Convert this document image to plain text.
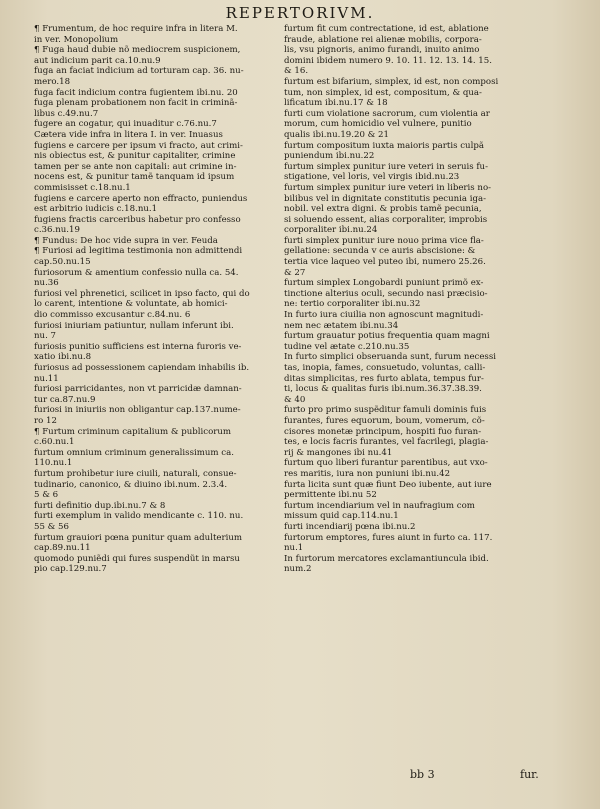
REPERTORIVM.

¶ Frumentum, de hoc require infra in litera M.
in ver. Monopolium

¶ Fuga haud dubie nõ mediocrem suspicionem,
aut indicium parit ca.10.nu.9

fuga an faciat indicium ad torturam cap. 36. nu-
mero.18

fuga facit indicium contra fugientem ibi.nu. 20

fuga plenam probationem non facit in criminã-
libus c.49.nu.7

fugere an cogatur, qui inuaditur c.76.nu.7

Cætera vide infra in litera I. in ver. Inuasus

fugiens e carcere per ipsum vi fracto, aut crimi-
nis obiectus est, & punitur capitaliter, crimine
tamen per se ante non capitali: aut crimine in-
nocens est, & punitur tamẽ tanquam id ipsum
commisisset c.18.nu.1

fugiens e carcere aperto non effracto, puniendus
est arbitrio iudicis c.18.nu.1

fugiens fractis carceribus habetur pro confesso
c.36.nu.19

¶ Fundus: De hoc vide supra in ver. Feuda

¶ Furiosi ad legitima testimonia non admittendi
cap.50.nu.15

furiosorum & amentium confessio nulla ca. 54.
nu.36

furiosi vel phrenetici, scilicet in ipso facto, qui do
lo carent, intentione & voluntate, ab homici-
dio commisso excusantur c.84.nu. 6

furiosi iniuriam patiuntur, nullam inferunt ibi.
nu. 7

furiosis punitio sufficiens est interna furoris ve-
xatio ibi.nu.8

furiosus ad possessionem capiendam inhabilis ib.
nu.11

furiosi parricidantes, non vt parricidæ damnan-
tur ca.87.nu.9

furiosi in iniuriis non obligantur cap.137.nume-
ro 12

¶ Furtum criminum capitalium & publicorum
c.60.nu.1

furtum omnium criminum generalissimum ca.
110.nu.1

furtum prohibetur iure ciuili, naturali, consue-
tudinario, canonico, & diuino ibi.num. 2.3.4.
5 & 6

furti definitio dup.ibi.nu.7 & 8

furti exemplum in valido mendicante c. 110. nu.
55 & 56

furtum grauiori pœna punitur quam adulterium
cap.89.nu.11

quomodo puniẽdi qui fures suspendũt in marsu
pio cap.129.nu.7

furtum fit cum contrectatione, id est, ablatione
fraude, ablatione rei alienæ mobilis, corpora-
lis, vsu pignoris, animo furandi, inuito animo
domini ibidem numero 9. 10. 11. 12. 13. 14. 15.
& 16.

furtum est bifarium, simplex, id est, non composi
tum, non simplex, id est, compositum, & qua-
lificatum ibi.nu.17 & 18

furti cum violatione sacrorum, cum violentia ar
morum, cum homicidio vel vulnere, punitio
qualis ibi.nu.19.20 & 21

furtum compositum iuxta maioris partis culpã
puniendum ibi.nu.22

furtum simplex punitur iure veteri in seruis fu-
stigatione, vel loris, vel virgis ibid.nu.23

furtum simplex punitur iure veteri in liberis no-
bilibus vel in dignitate constitutis pecunia iga-
nobil. vel extra digni. & probis tamẽ pecunia,
si soluendo essent, alias corporaliter, improbis
corporaliter ibi.nu.24

furti simplex punitur iure nouo prima vice fla-
gellatione: secunda v ce auris abscisione: &
tertia vice laqueo vel puteo ibi, numero 25.26.
& 27

furtum simplex Longobardi puniunt primõ ex-
tinctione alterius oculi, secundo nasi præcisio-
ne: tertio corporaliter ibi.nu.32

In furto iura ciuilia non agnoscunt magnitudi-
nem nec ætatem ibi.nu.34

furtum grauatur potius frequentia quam magni
tudine vel ætate c.210.nu.35

In furto simplici obseruanda sunt, furum necessi
tas, inopia, fames, consuetudo, voluntas, calli-
ditas simplicitas, res furto ablata, tempus fur-
ti, locus & qualitas furis ibi.num.36.37.38.39.
& 40

furto pro primo suspẽditur famuli dominis fuis
furantes, fures equorum, boum, vomerum, cõ-
cisores monetæ principum, hospiti fuo furan-
tes, e locis facris furantes, vel facrilegi, plagia-
rij & mangones ibi nu.41

furtum quo liberi furantur parentibus, aut vxo-
res maritis, iura non puniuni ibi.nu.42

furta licita sunt quæ fiunt Deo iubente, aut iure
permittente ibi.nu 52

furtum incendiarium vel in naufragium com
missum quid cap.114.nu.1

furti incendiarij pœna ibi.nu.2

furtorum emptores, fures aiunt in furto ca. 117.
nu.1

In furtorum mercatores exclamantiuncula ibid.
num.2

bb 3	fur.
